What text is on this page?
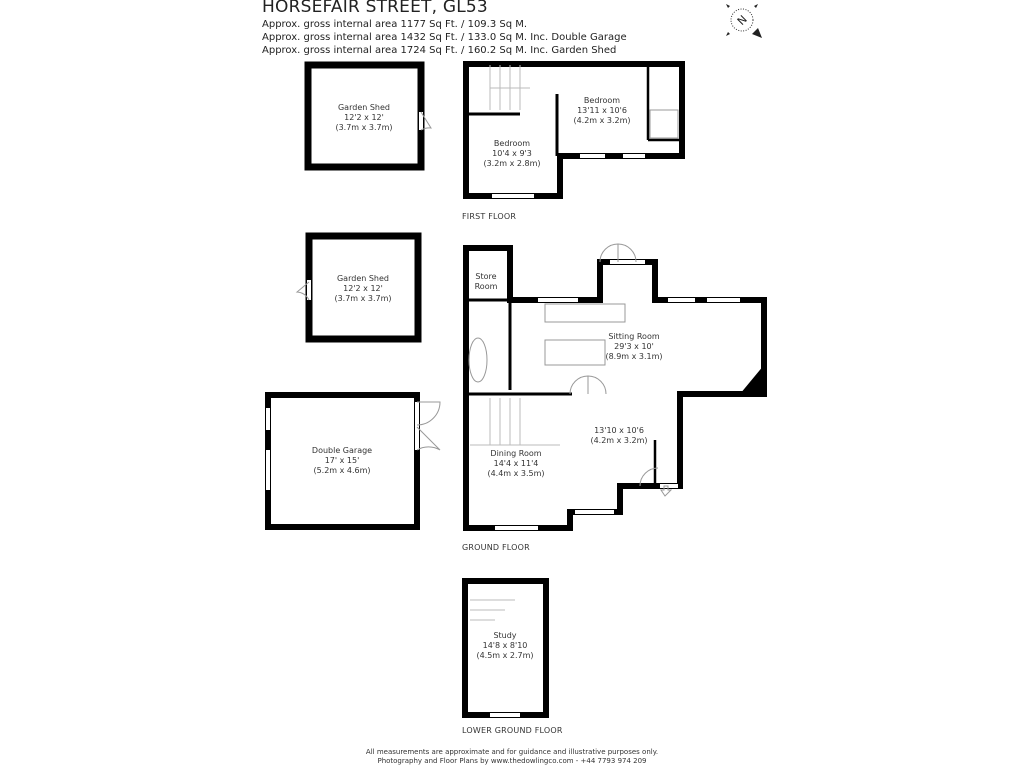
HORSEFAIR STREET, GL53
Approx. gross internal area 1177 Sq Ft. / 109.3 Sq M.
Approx. gross internal area 1432 Sq Ft. / 133.0 Sq M. Inc. Double Garage
Approx. gross internal area 1724 Sq Ft. / 160.2 Sq M. Inc. Garden Shed
N
Garden Shed
12'2 x 12'
(3.7m x 3.7m)
Garden Shed
12'2 x 12'
(3.7m x 3.7m)
Bedroom
13'11 x 10'6
(4.2m x 3.2m)
Bedroom
10'4 x 9'3
(3.2m x 2.8m)
FIRST FLOOR
Store
Room
Sitting Room
29'3 x 10'
(8.9m x 3.1m)
13'10 x 10'6
(4.2m x 3.2m)
Dining Room
14'4 x 11'4
(4.4m x 3.5m)
Double Garage
17' x 15'
(5.2m x 4.6m)
GROUND FLOOR
Study
14'8 x 8'10
(4.5m x 2.7m)
LOWER GROUND FLOOR
All measurements are approximate and for guidance and illustrative purposes only.
Photography and Floor Plans by www.thedowlingco.com - +44 7793 974 209
